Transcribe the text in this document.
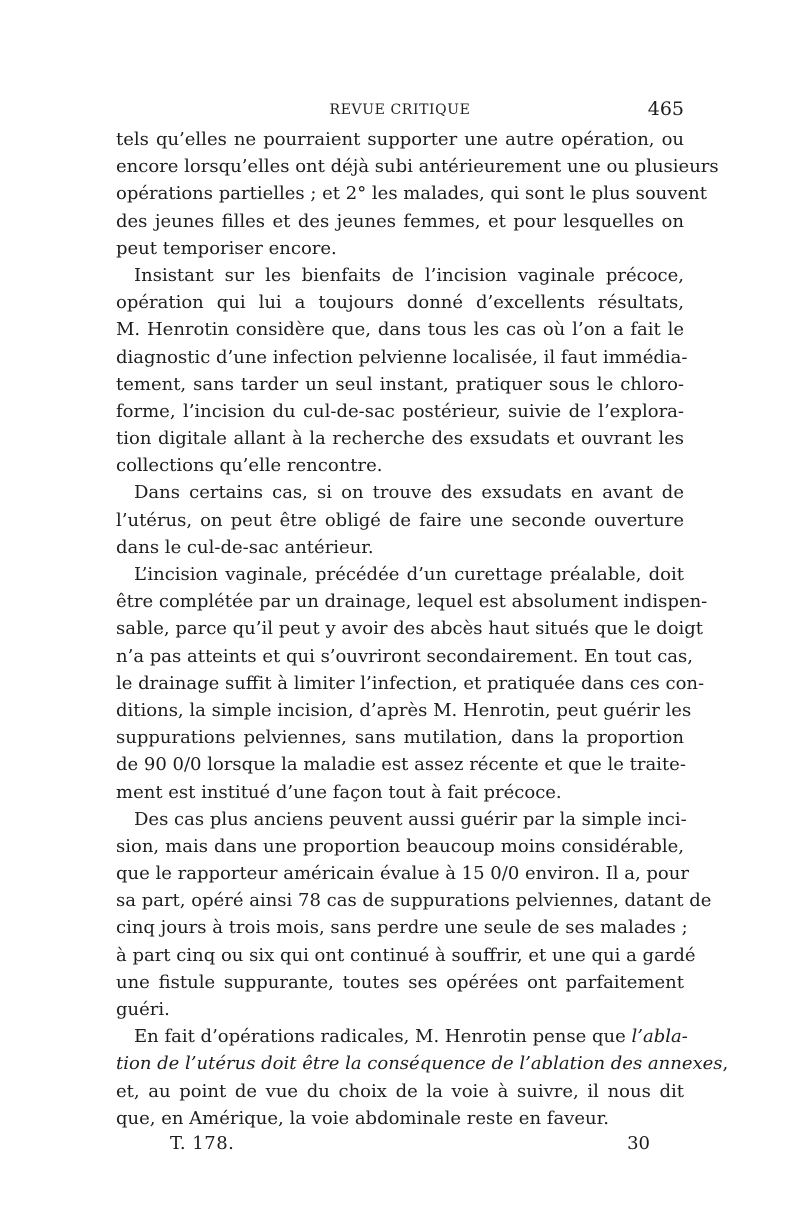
REVUE CRITIQUE	465
tels qu’elles ne pourraient supporter une autre opération, ou
encore lorsqu’elles ont déjà subi antérieurement une ou plusieurs
opérations partielles ; et 2° les malades, qui sont le plus souvent
des jeunes filles et des jeunes femmes, et pour lesquelles on
peut temporiser encore.
Insistant sur les bienfaits de l’incision vaginale précoce,
opération qui lui a toujours donné d’excellents résultats,
M. Henrotin considère que, dans tous les cas où l’on a fait le
diagnostic d’une infection pelvienne localisée, il faut immédia-
tement, sans tarder un seul instant, pratiquer sous le chloro-
forme, l’incision du cul-de-sac postérieur, suivie de l’explora-
tion digitale allant à la recherche des exsudats et ouvrant les
collections qu’elle rencontre.
Dans certains cas, si on trouve des exsudats en avant de
l’utérus, on peut être obligé de faire une seconde ouverture
dans le cul-de-sac antérieur.
L’incision vaginale, précédée d’un curettage préalable, doit
être complétée par un drainage, lequel est absolument indispen-
sable, parce qu’il peut y avoir des abcès haut situés que le doigt
n’a pas atteints et qui s’ouvriront secondairement. En tout cas,
le drainage suffit à limiter l’infection, et pratiquée dans ces con-
ditions, la simple incision, d’après M. Henrotin, peut guérir les
suppurations pelviennes, sans mutilation, dans la proportion
de 90 0/0 lorsque la maladie est assez récente et que le traite-
ment est institué d’une façon tout à fait précoce.
Des cas plus anciens peuvent aussi guérir par la simple inci-
sion, mais dans une proportion beaucoup moins considérable,
que le rapporteur américain évalue à 15 0/0 environ. Il a, pour
sa part, opéré ainsi 78 cas de suppurations pelviennes, datant de
cinq jours à trois mois, sans perdre une seule de ses malades ;
à part cinq ou six qui ont continué à souffrir, et une qui a gardé
une fistule suppurante, toutes ses opérées ont parfaitement
guéri.
En fait d’opérations radicales, M. Henrotin pense que l’abla-
tion de l’utérus doit être la conséquence de l’ablation des annexes,
et, au point de vue du choix de la voie à suivre, il nous dit
que, en Amérique, la voie abdominale reste en faveur.
T. 178.	30
